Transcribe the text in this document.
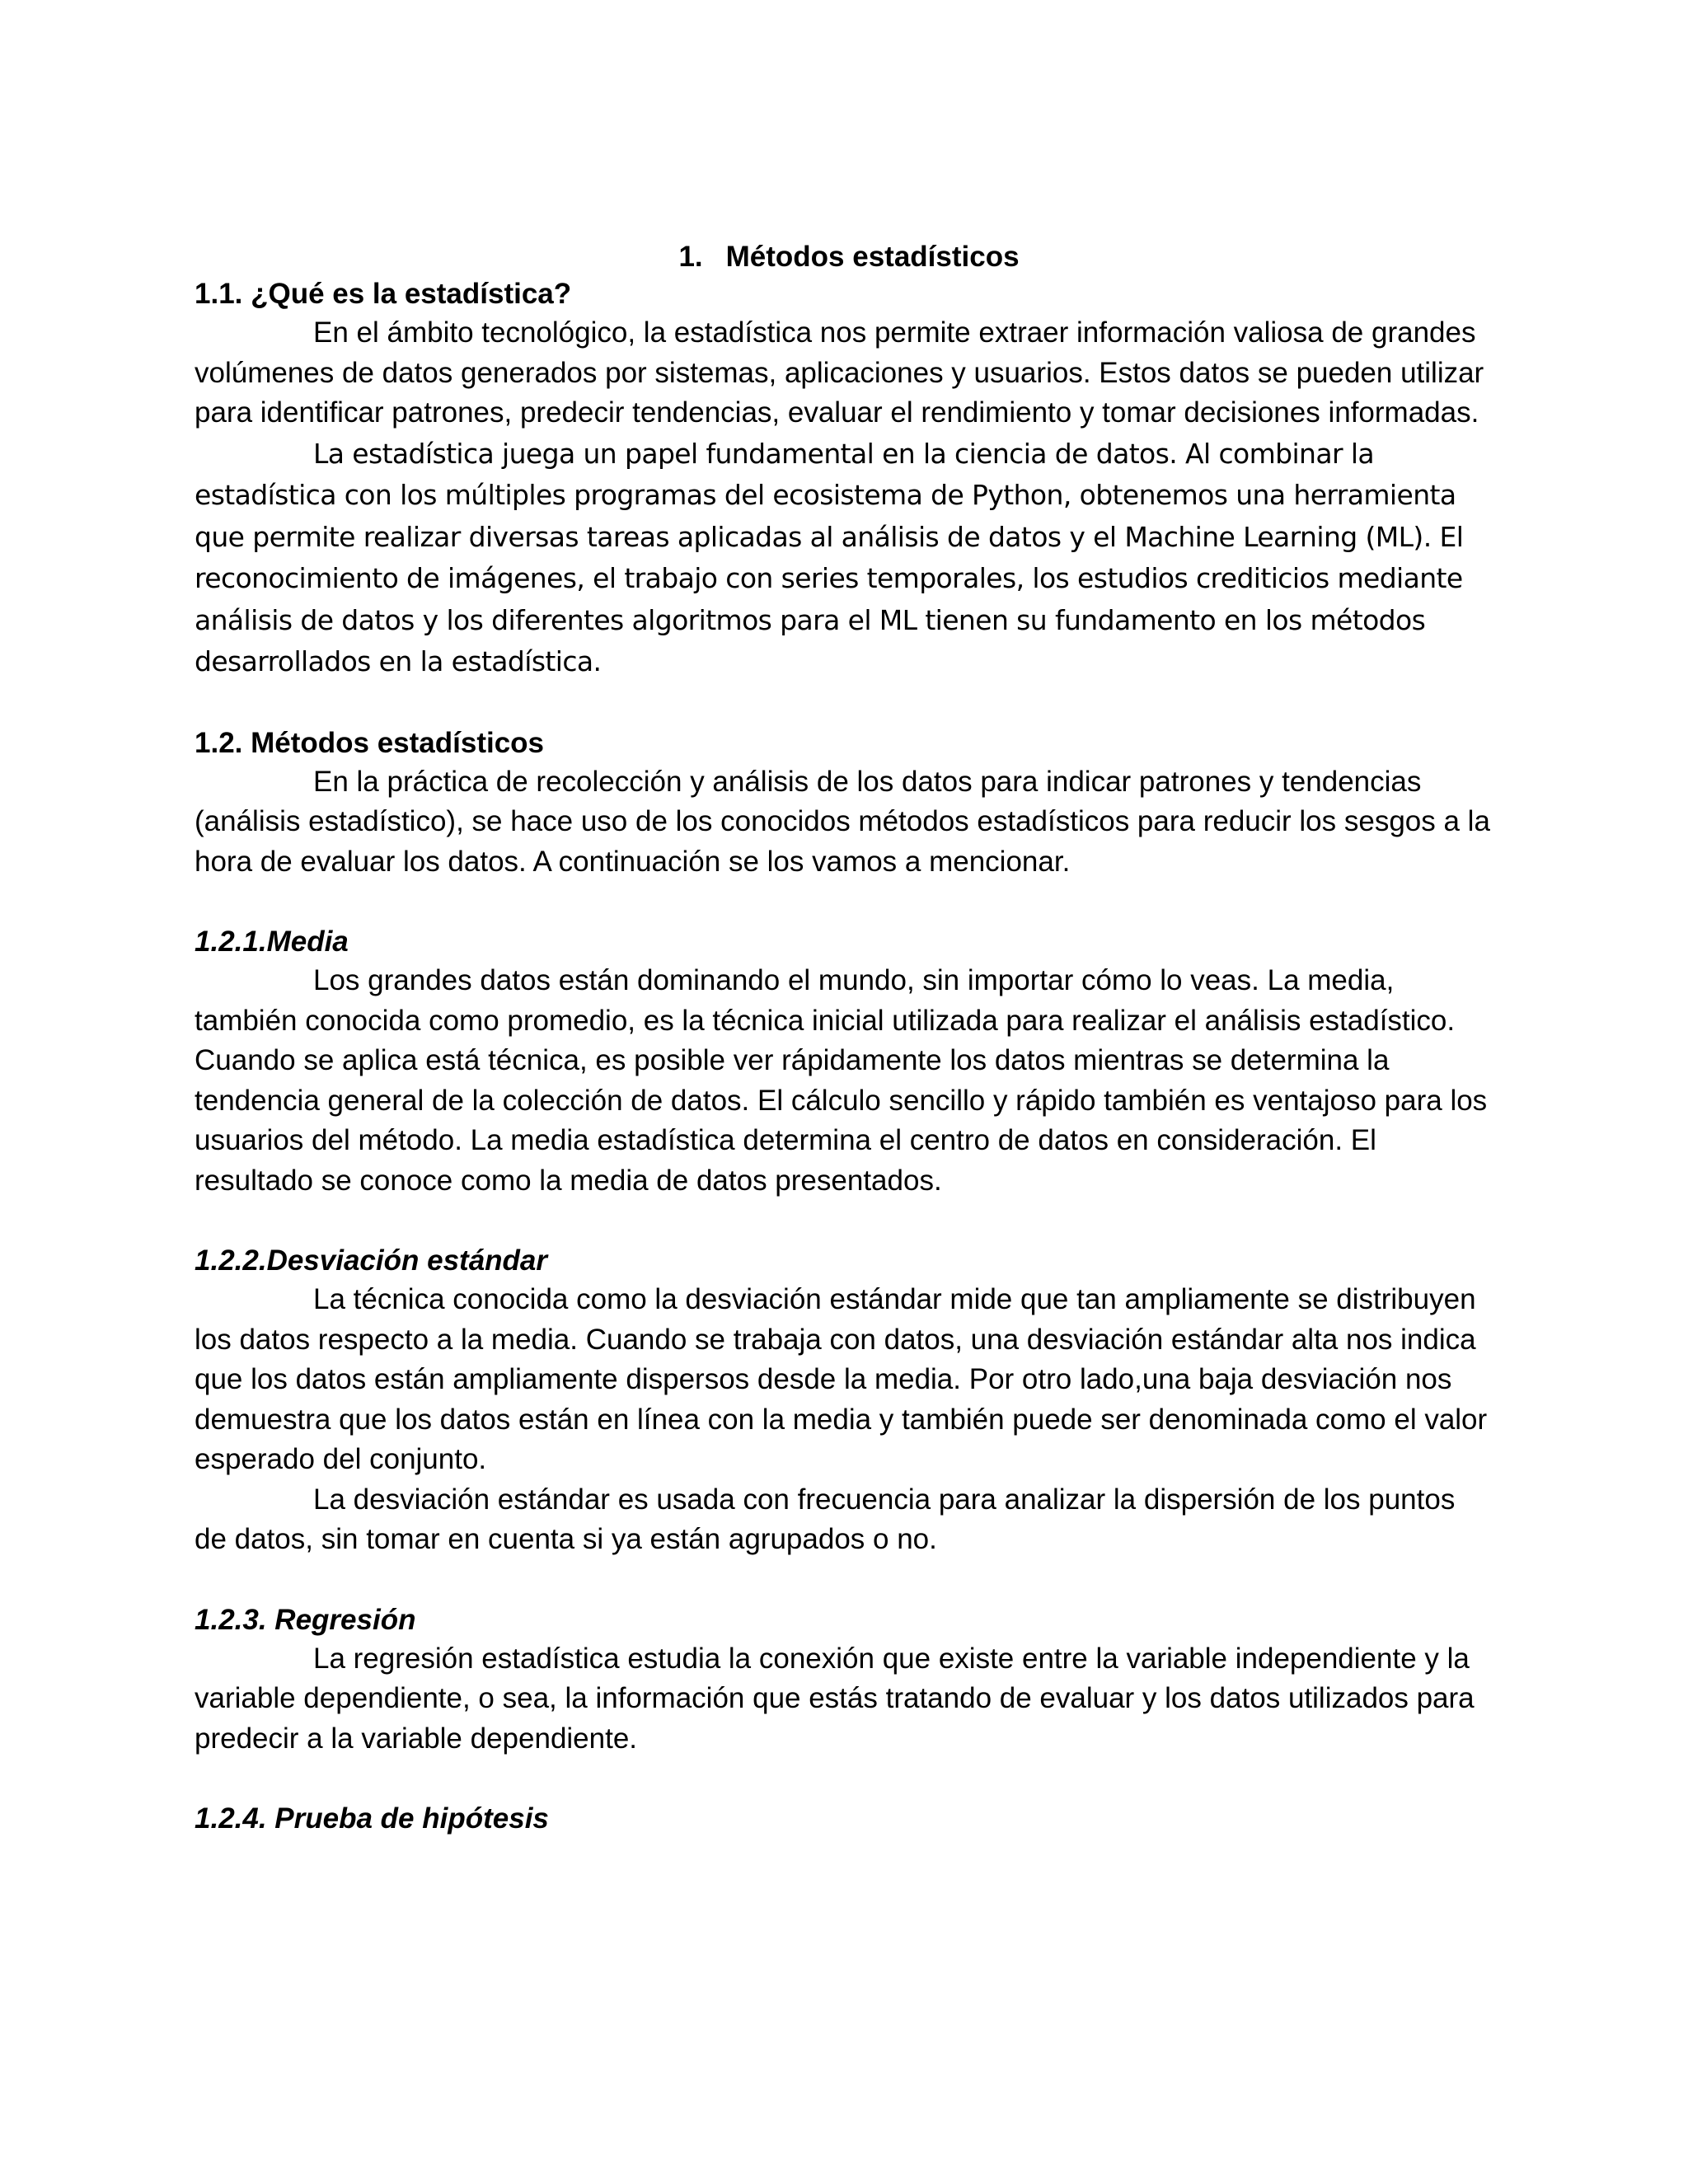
1. Métodos estadísticos
1.1. ¿Qué es la estadística?

En el ámbito tecnológico, la estadística nos permite extraer información valiosa de grandes volúmenes de datos generados por sistemas, aplicaciones y usuarios. Estos datos se pueden utilizar para identificar patrones, predecir tendencias, evaluar el rendimiento y tomar decisiones informadas.

La estadística juega un papel fundamental en la ciencia de datos. Al combinar la estadística con los múltiples programas del ecosistema de Python, obtenemos una herramienta que permite realizar diversas tareas aplicadas al análisis de datos y el Machine Learning (ML). El reconocimiento de imágenes, el trabajo con series temporales, los estudios crediticios mediante análisis de datos y los diferentes algoritmos para el ML tienen su fundamento en los métodos desarrollados en la estadística.

1.2. Métodos estadísticos

En la práctica de recolección y análisis de los datos para indicar patrones y tendencias (análisis estadístico), se hace uso de los conocidos métodos estadísticos para reducir los sesgos a la hora de evaluar los datos. A continuación se los vamos a mencionar.

1.2.1.Media

Los grandes datos están dominando el mundo, sin importar cómo lo veas. La media, también conocida como promedio, es la técnica inicial utilizada para realizar el análisis estadístico. Cuando se aplica está técnica, es posible ver rápidamente los datos mientras se determina la tendencia general de la colección de datos. El cálculo sencillo y rápido también es ventajoso para los usuarios del método. La media estadística determina el centro de datos en consideración. El resultado se conoce como la media de datos presentados.

1.2.2.Desviación estándar

La técnica conocida como la desviación estándar mide que tan ampliamente se distribuyen los datos respecto a la media. Cuando se trabaja con datos, una desviación estándar alta nos indica que los datos están ampliamente dispersos desde la media. Por otro lado,una baja desviación nos demuestra que los datos están en línea con la media y también puede ser denominada como el valor esperado del conjunto.

La desviación estándar es usada con frecuencia para analizar la dispersión de los puntos de datos, sin tomar en cuenta si ya están agrupados o no.

1.2.3. Regresión

La regresión estadística estudia la conexión que existe entre la variable independiente y la variable dependiente, o sea, la información que estás tratando de evaluar y los datos utilizados para predecir a la variable dependiente.

1.2.4. Prueba de hipótesis
